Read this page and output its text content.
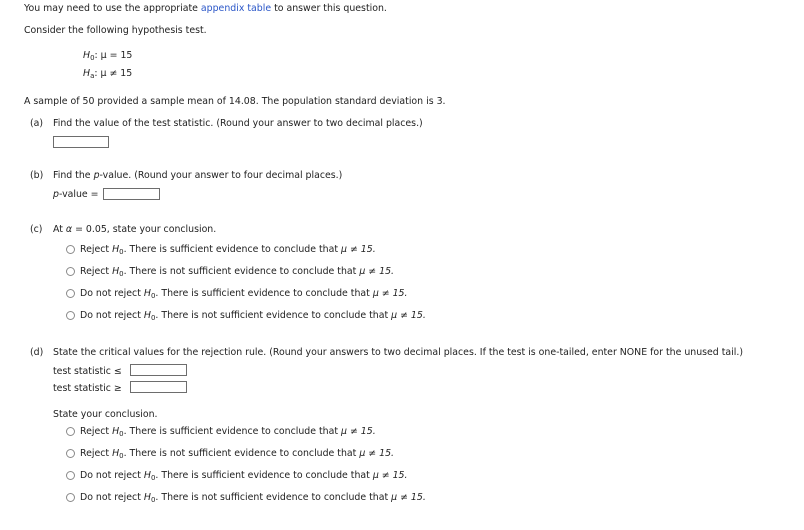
You may need to use the appropriate appendix table to answer this question.
Consider the following hypothesis test.
$H_0$: μ = 15
$H_a$: μ ≠ 15
A sample of 50 provided a sample mean of 14.08. The population standard deviation is 3.
(a) Find the value of the test statistic. (Round your answer to two decimal places.)
(b) Find the p-value. (Round your answer to four decimal places.)
p-value =
(c) At α = 0.05, state your conclusion.
Reject $H_0$. There is sufficient evidence to conclude that μ ≠ 15.
Reject $H_0$. There is not sufficient evidence to conclude that μ ≠ 15.
Do not reject $H_0$. There is sufficient evidence to conclude that μ ≠ 15.
Do not reject $H_0$. There is not sufficient evidence to conclude that μ ≠ 15.
(d) State the critical values for the rejection rule. (Round your answers to two decimal places. If the test is one-tailed, enter NONE for the unused tail.)
test statistic ≤
test statistic ≥
State your conclusion.
Reject $H_0$. There is sufficient evidence to conclude that μ ≠ 15.
Reject $H_0$. There is not sufficient evidence to conclude that μ ≠ 15.
Do not reject $H_0$. There is sufficient evidence to conclude that μ ≠ 15.
Do not reject $H_0$. There is not sufficient evidence to conclude that μ ≠ 15.
